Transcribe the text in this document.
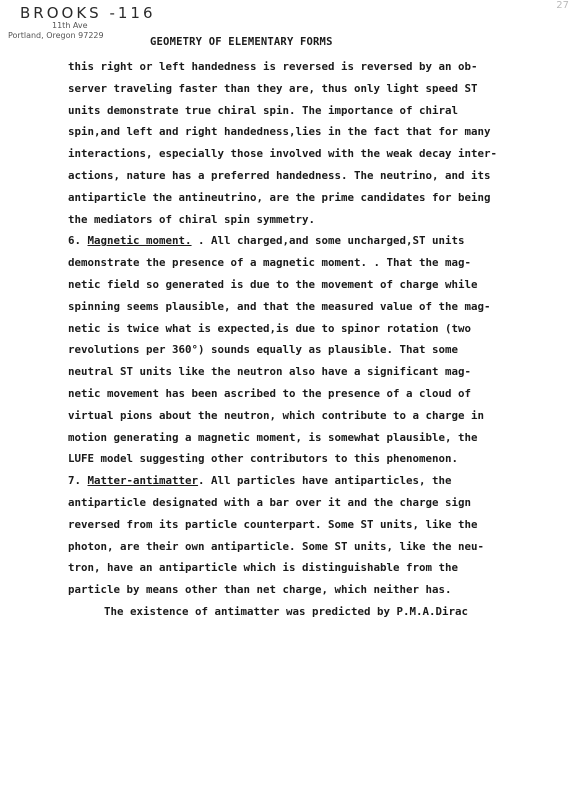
BROOKS -116
11th Ave
Portland, Oregon 97229
27
GEOMETRY OF ELEMENTARY FORMS
this right or left handedness is reversed is reversed by an ob-
server traveling faster than they are, thus only light speed ST
units demonstrate true chiral spin. The importance of chiral
spin,and left and right handedness,lies in the fact that for many
interactions, especially those involved with the weak decay inter-
actions, nature has a preferred handedness. The neutrino, and its
antiparticle the antineutrino, are the prime candidates for being
the mediators of chiral spin symmetry.
6. Magnetic moment. . All charged,and some uncharged,ST units
demonstrate the presence of a magnetic moment. . That the mag-
netic field so generated is due to the movement of charge while
spinning seems plausible, and that the measured value of the mag-
netic is twice what is expected,is due to spinor rotation (two
revolutions per 360°) sounds equally as plausible. That some
neutral ST units like the neutron also have a significant mag-
netic movement has been ascribed to the presence of a cloud of
virtual pions about the neutron, which contribute to a charge in
motion generating a magnetic moment, is somewhat plausible, the
LUFE model suggesting other contributors to this phenomenon.
7. Matter-antimatter. All particles have antiparticles, the
antiparticle designated with a bar over it and the charge sign
reversed from its particle counterpart. Some ST units, like the
photon, are their own antiparticle. Some ST units, like the neu-
tron, have an antiparticle which is distinguishable from the
particle by means other than net charge, which neither has.
The existence of antimatter was predicted by P.M.A.Dirac
